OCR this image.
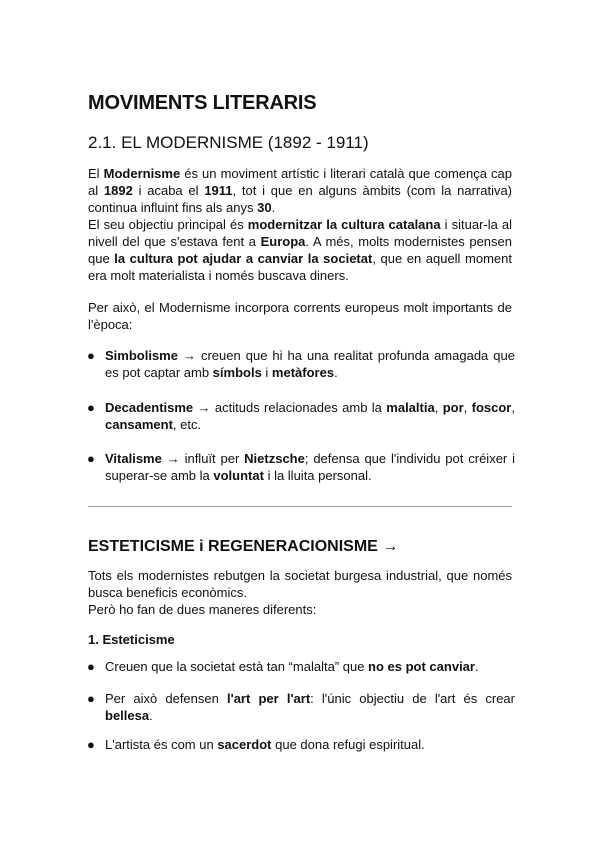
MOVIMENTS LITERARIS
2.1. EL MODERNISME (1892 - 1911)

El Modernisme és un moviment artístic i literari català que comença cap al 1892 i acaba el 1911, tot i que en alguns àmbits (com la narrativa) continua influint fins als anys 30.

El seu objectiu principal és modernitzar la cultura catalana i situar-la al nivell del que s'estava fent a Europa. A més, molts modernistes pensen que la cultura pot ajudar a canviar la societat, que en aquell moment era molt materialista i només buscava diners.

Per això, el Modernisme incorpora corrents europeus molt importants de l'època:

● Simbolisme → creuen que hi ha una realitat profunda amagada que es pot captar amb símbols i metàfores.
● Decadentisme → actituds relacionades amb la malaltia, por, foscor, cansament, etc.
● Vitalisme → influït per Nietzsche; defensa que l'individu pot créixer i superar-se amb la voluntat i la lluita personal.
ESTETICISME i REGENERACIONISME →

Tots els modernistes rebutgen la societat burgesa industrial, que només busca beneficis econòmics.

Però ho fan de dues maneres diferents:

1. Esteticisme
● Creuen que la societat està tan “malalta” que no es pot canviar.
● Per això defensen l'art per l'art: l'únic objectiu de l'art és crear bellesa.
● L'artista és com un sacerdot que dona refugi espiritual.
